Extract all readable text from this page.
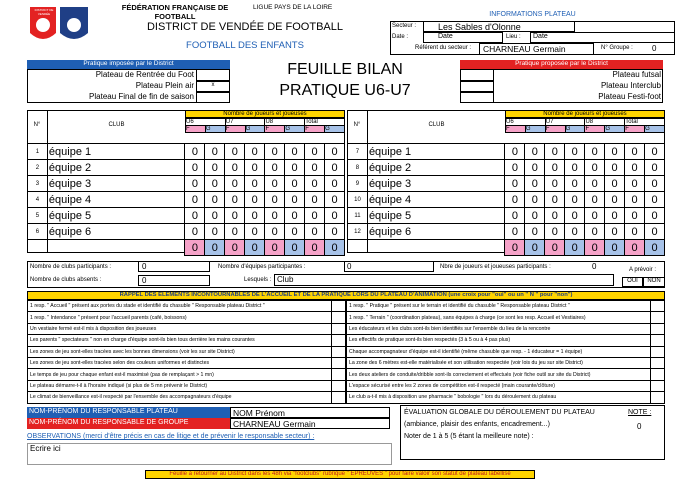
DISTRICT DE VENDÉE
FÉDÉRATION FRANÇAISE DE FOOTBALL
LIGUE PAYS DE LA LOIRE
DISTRICT DE VENDÉE DE FOOTBALL
FOOTBALL DES ENFANTS
INFORMATIONS PLATEAU
Secteur :	Les Sables d'Olonne
Date :	Date	Lieu :	Date
Référent du secteur :	CHARNEAU Germain	N° Groupe : 0
Pratique imposée par le District
Plateau de Rentrée du Foot
Plateau Plein air	x
Plateau Final de fin de saison
FEUILLE BILAN
PRATIQUE U6-U7
Pratique proposée par le District
Plateau futsal
Plateau Interclub
Plateau Festi-foot
N°	CLUB
Nombre de joueurs et joueuses
U6		U7		U8		Total	
F	G	F	G	F	G	F	G
1	équipe 1	0	0	0	0	0	0	0	0
2	équipe 2	0	0	0	0	0	0	0	0
3	équipe 3	0	0	0	0	0	0	0	0
4	équipe 4	0	0	0	0	0	0	0	0
5	équipe 5	0	0	0	0	0	0	0	0
6	équipe 6	0	0	0	0	0	0	0	0
		0	0	0	0	0	0	0	0
N°	CLUB
Nombre de joueurs et joueuses
U6		U7		U8		Total	
F	G	F	G	F	G	F	G
7	équipe 1	0	0	0	0	0	0	0	0
8	équipe 2	0	0	0	0	0	0	0	0
9	équipe 3	0	0	0	0	0	0	0	0
10	équipe 4	0	0	0	0	0	0	0	0
11	équipe 5	0	0	0	0	0	0	0	0
12	équipe 6	0	0	0	0	0	0	0	0
		0	0	0	0	0	0	0	0
Nombre de clubs participants :	0
Nombre de clubs absents :	0
Nombre d'équipes participantes :	0
Lesquels : Club
Nbre de joueurs et joueuses participants :	0	A prévoir :
OUI	NON
RAPPEL DES ÉLÉMENTS INCONTOURNABLES DE L'ACCUEIL ET DE LA PRATIQUE LORS DU PLATEAU D'ANIMATION (une croix pour "oui" ou un " N " pour "non")
1 resp. " Accueil " présent aux portes du stade et identifié du chasuble " Responsable plateau District "	
1 resp. " Intendance " présent pour l'accueil parents (café, boissons)	
Un vestiaire fermé est-il mis à disposition des joueuses	
Les parents " spectateurs " non en charge d'équipe sont-ils bien tous derrière les mains courantes	
Les zones de jeu sont-elles tracées avec les bonnes dimensions (voir les sur site District)	
Les zones de jeu sont-elles tracées selon des couleurs uniformes et distinctes	
Le temps de jeu pour chaque enfant est-il maximisé (pas de remplaçant > 1 mn)	
Le plateau démarre-t-il à l'horaire indiqué (si plus de 5 mn prévenir le District)	
Le climat de bienveillance est-il respecté par l'ensemble des accompagnateurs d'équipe	
1 resp. " Pratique " présent sur le terrain et identifié du chasuble " Responsable plateau District "	
1 resp. " Terrain " (coordination plateau), sans équipes à charge (ce sont les resp. Accueil et Vestiaires)	
Les éducateurs et les clubs sont-ils bien identifiés sur l'ensemble du lieu de la rencontre	
Les effectifs de pratique sont-ils bien respectés (3 à 5 ou à 4 pas plus)	
Chaque accompagnateur d'équipe est-il identifié (même chasuble que resp. - 1 éducateur = 1 équipe)	
La zone des 6 mètres est-elle matérialisée et son utilisation respectée (voir lois du jeu sur site District)	
Les deux ateliers de conduite/dribble sont-ils correctement et effectués (voir fiche outil sur site du District)	
L'espace sécurisé entre les 2 zones de compétition est-il respecté (main courante/clôture)	
Le club a-t-il mis à disposition une pharmacie " bobologie " lors du déroulement du plateau	
NOM-PRÉNOM DU RESPONSABLE PLATEAU	NOM Prénom
NOM-PRÉNOM DU RESPONSABLE DE GROUPE	CHARNEAU Germain
OBSERVATIONS (merci d'être précis en cas de litige et de prévenir le responsable secteur) :
Ecrire ici
ÉVALUATION GLOBALE DU DÉROULEMENT DU PLATEAU
(ambiance, plaisir des enfants, encadrement...)
Noter de 1 à 5 (5 étant la meilleure note) :
NOTE :
0
Feuille à retourner au District dans les 48h via "footclubs" rubrique " ÉPREUVES " pour faire valoir son statut de plateau labellisé
